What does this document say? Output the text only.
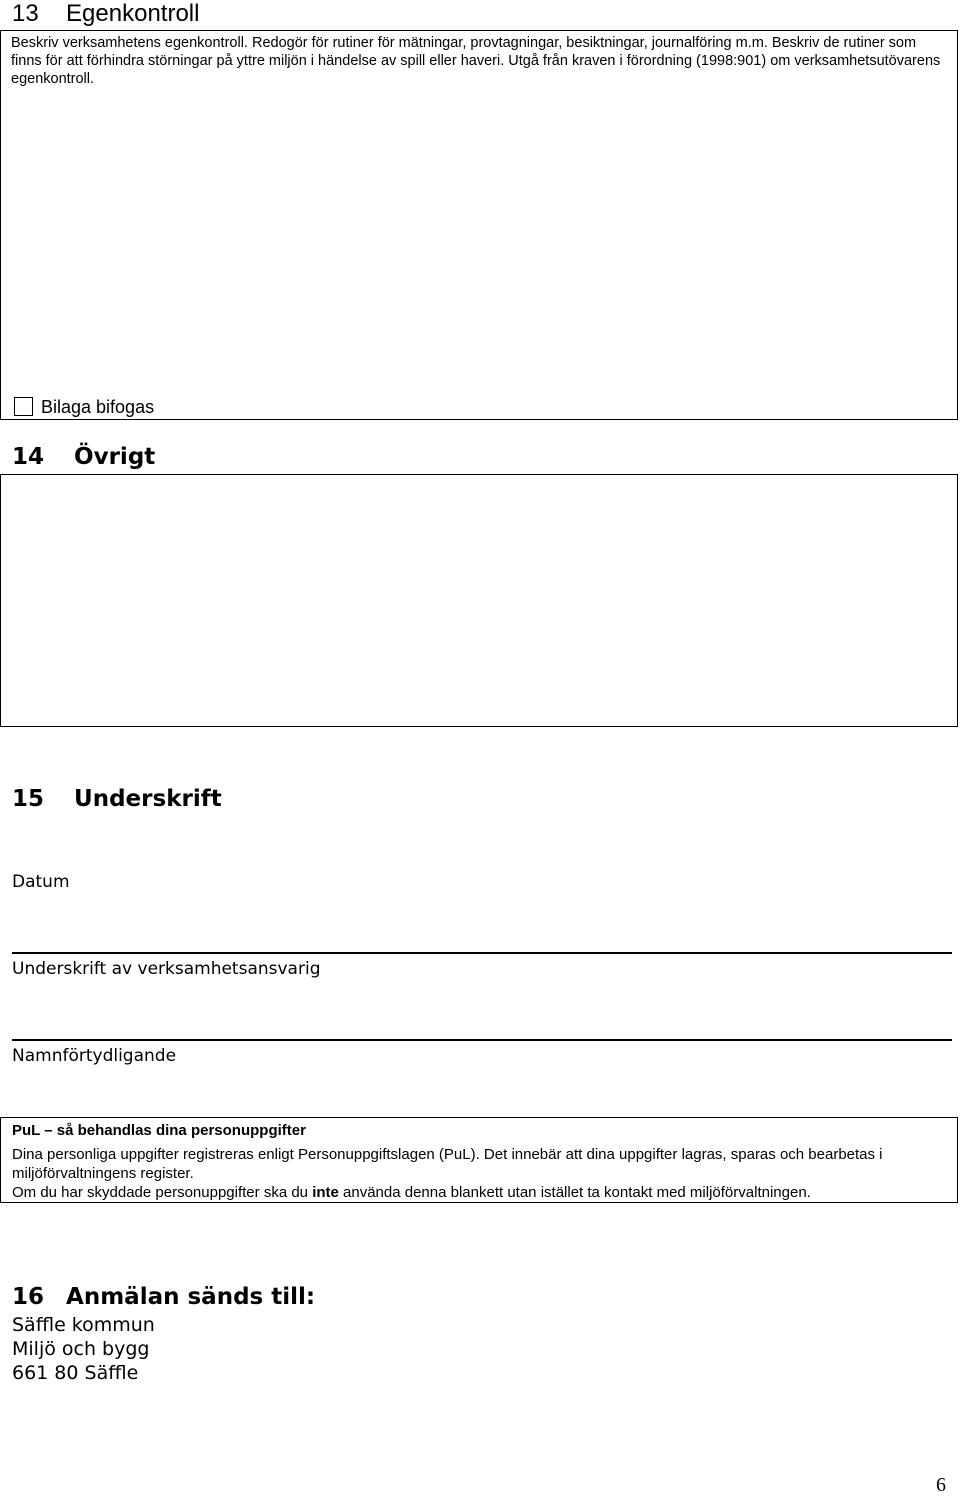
13 Egenkontroll
Beskriv verksamhetens egenkontroll. Redogör för rutiner för mätningar, provtagningar, besiktningar, journalföring m.m. Beskriv de rutiner som finns för att förhindra störningar på yttre miljön i händelse av spill eller haveri. Utgå från kraven i förordning (1998:901) om verksamhetsutövarens egenkontroll.
Bilaga bifogas
14 Övrigt
15 Underskrift
Datum
Underskrift av verksamhetsansvarig
Namnförtydligande
PuL – så behandlas dina personuppgifter
Dina personliga uppgifter registreras enligt Personuppgiftslagen (PuL). Det innebär att dina uppgifter lagras, sparas och bearbetas i miljöförvaltningens register.
Om du har skyddade personuppgifter ska du inte använda denna blankett utan istället ta kontakt med miljöförvaltningen.
16 Anmälan sänds till:
Säffle kommun
Miljö och bygg
661 80 Säffle
6
